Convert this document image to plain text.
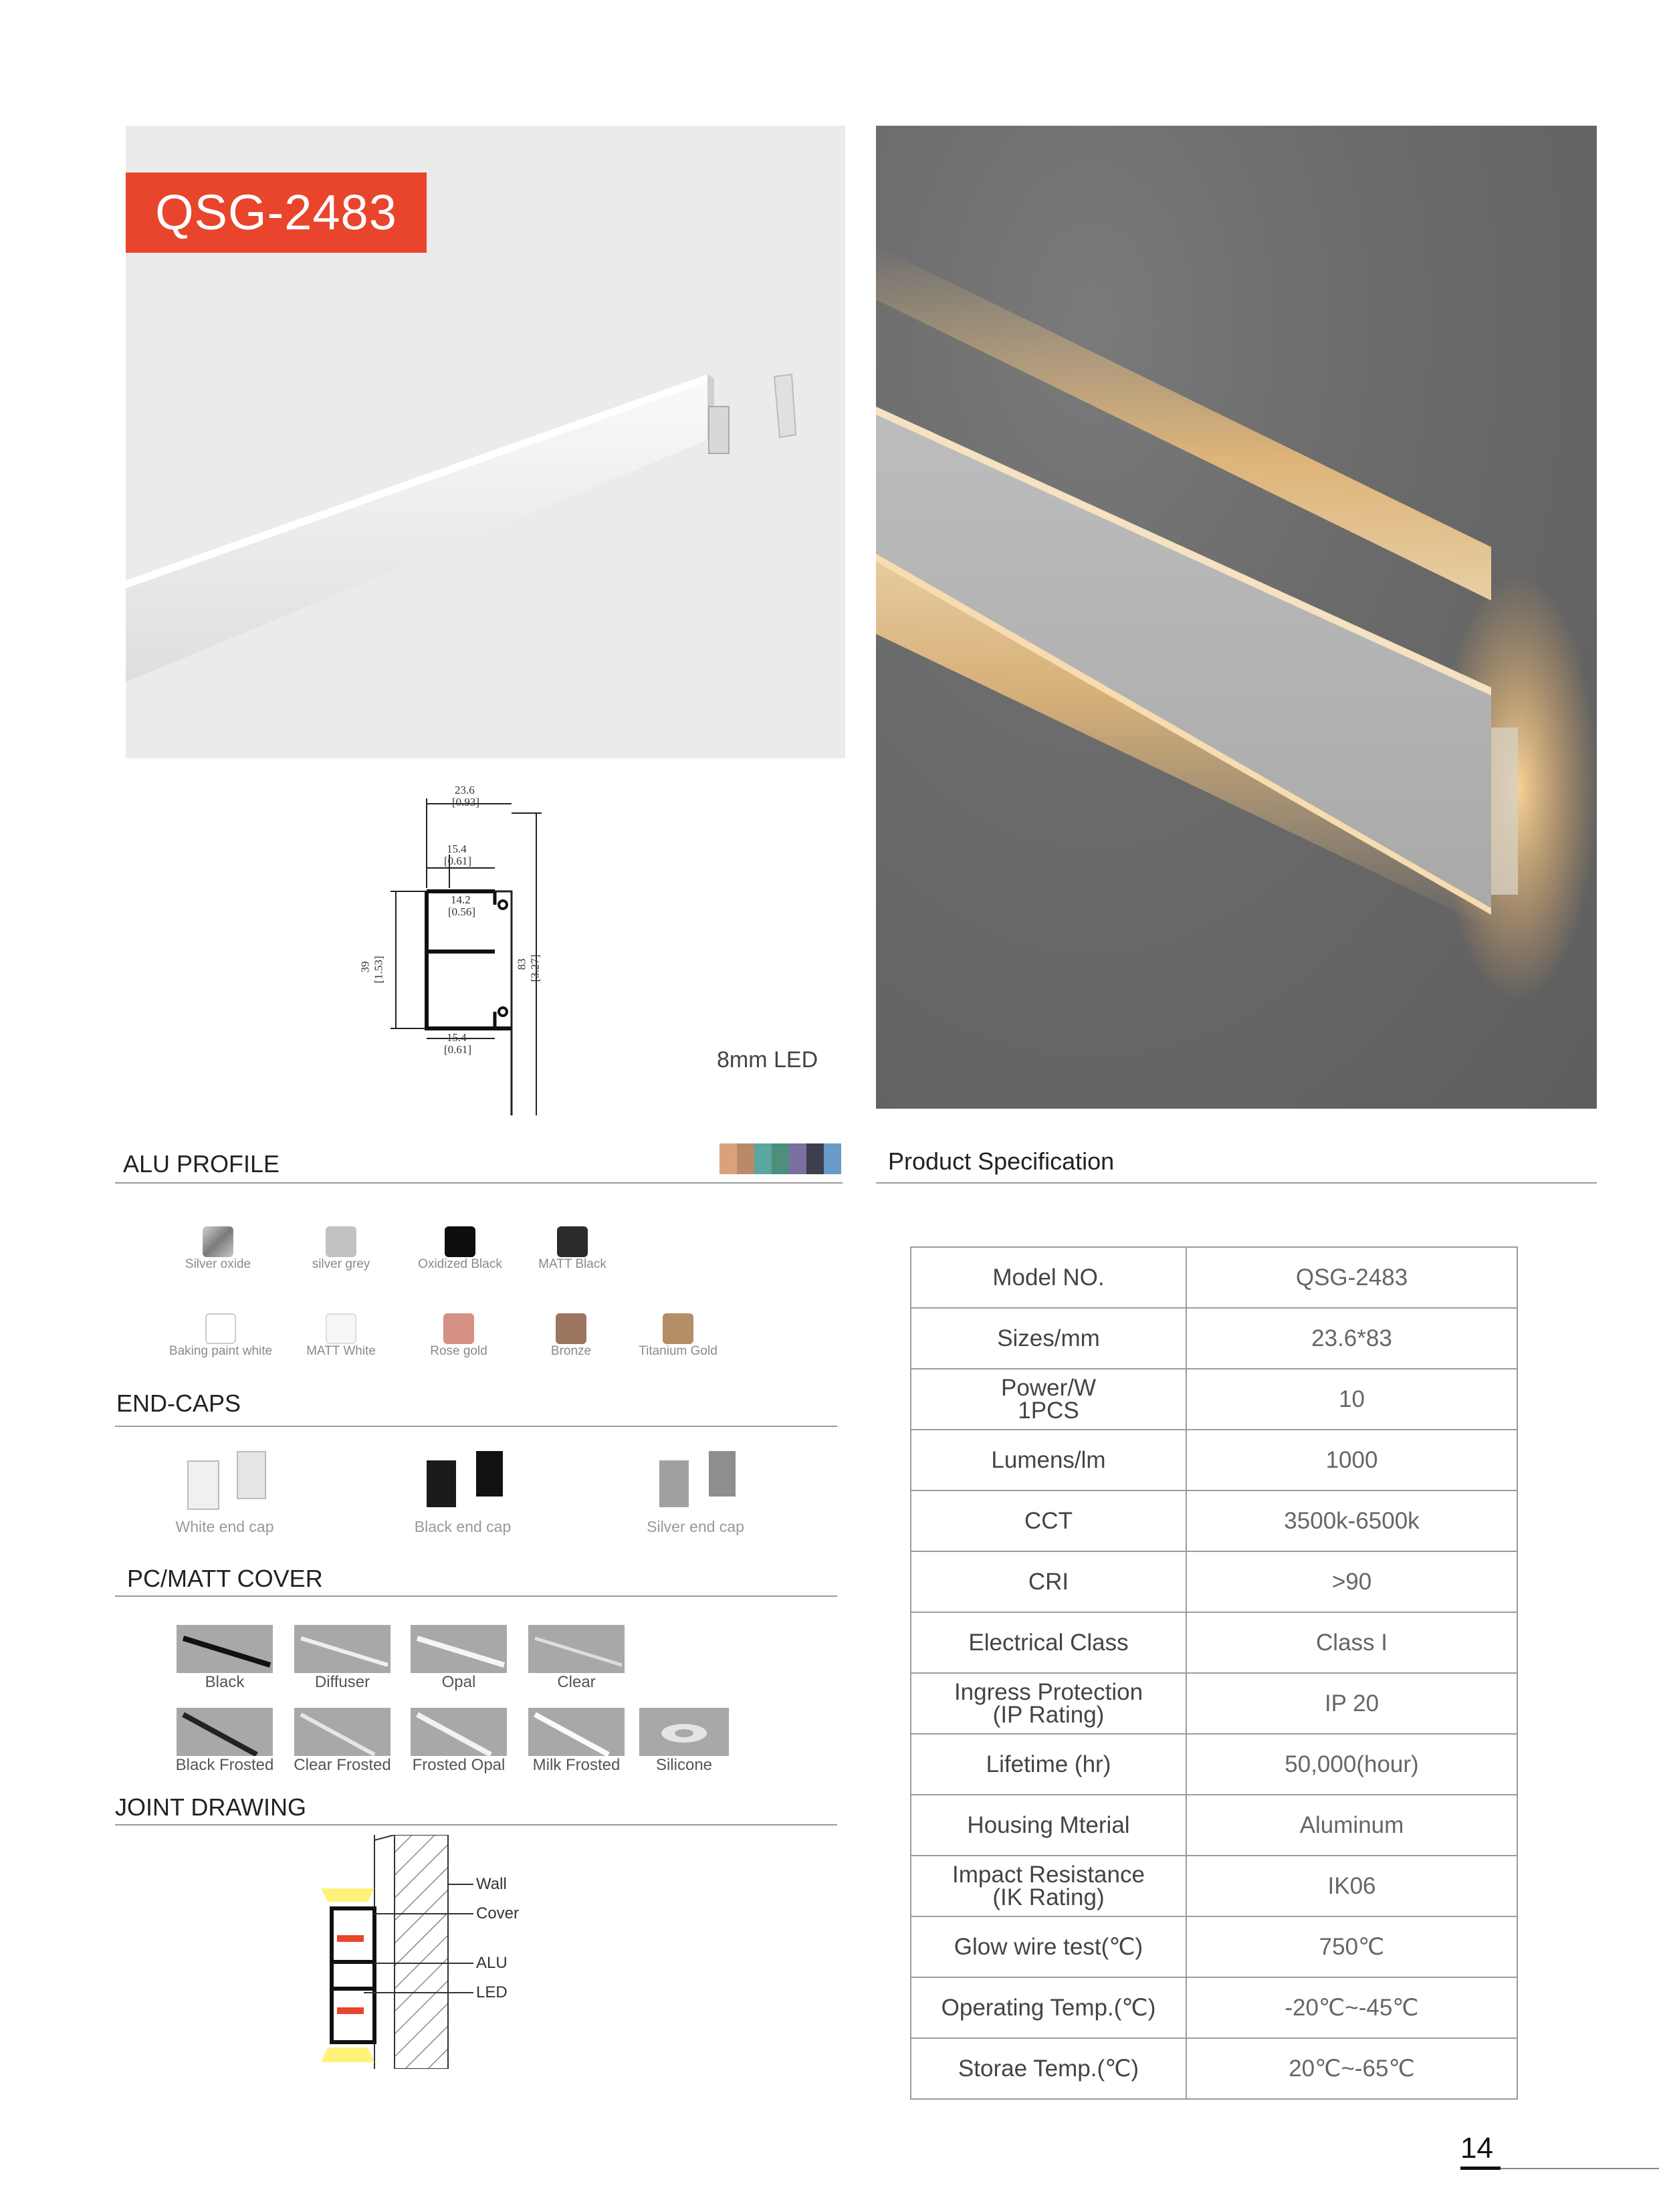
QSG-2483
23.6
[0.93]
15.4
[0.61]
14.2
[0.56]
15.4
[0.61]
39 [1.53]	83 [3.27]
8mm LED
ALU PROFILE
Silver oxide	silver grey	Oxidized Black	MATT Black
Baking paint white	MATT White	Rose gold	Bronze	Titanium Gold
END-CAPS
White end cap	Black end cap	Silver end cap
PC/MATT COVER
Black	Diffuser	Opal	Clear
Black Frosted	Clear Frosted	Frosted Opal	Milk Frosted	Silicone
JOINT DRAWING
Wall
Cover
ALU
LED
Product Specification
Model NO.	QSG-2483

Sizes/mm	23.6*83

Power/W
1PCS	10

Lumens/lm	1000

CCT	3500k-6500k

CRI	>90

Electrical Class	Class I

Ingress Protection
(IP Rating)	IP 20

Lifetime (hr)	50,000(hour)

Housing Mterial	Aluminum

Impact Resistance
(IK Rating)	IK06

Glow wire test(℃)	750℃

Operating Temp.(℃)	-20℃~-45℃

Storae Temp.(℃)	20℃~-65℃
14
